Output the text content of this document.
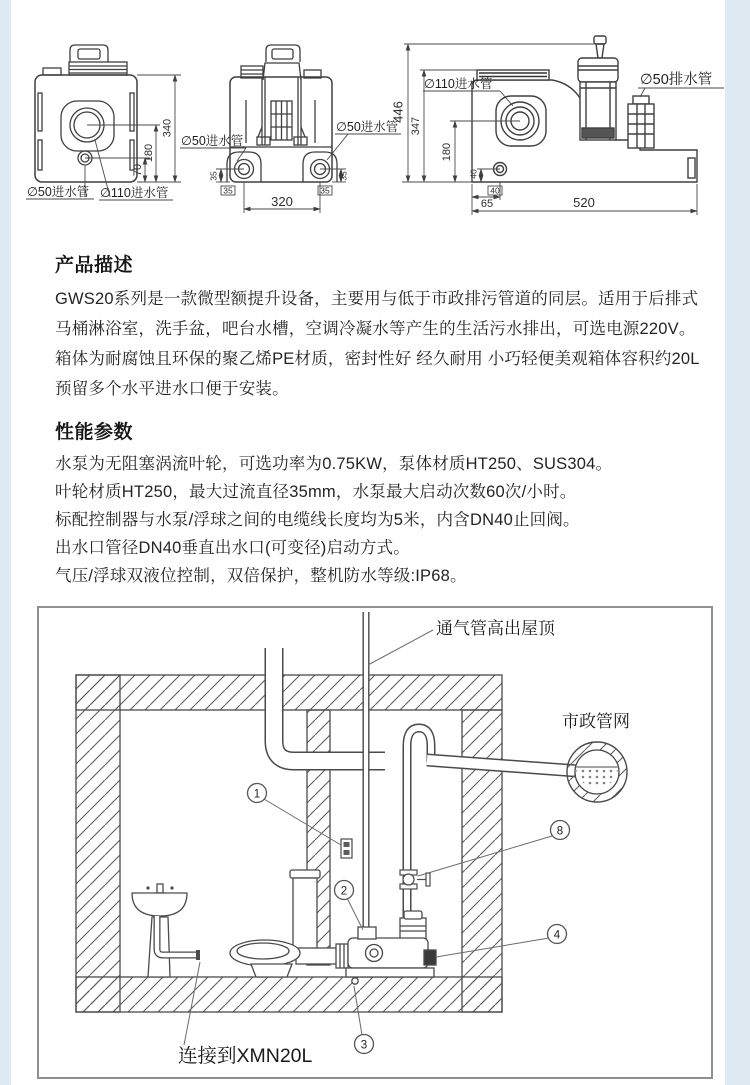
340
180
70
∅50进水管 ∅110进水管
35
35
35
35
320
∅50进水管
∅50进水管
446
347
180
40
40
65	520
∅110进水管	∅50排水管
产品描述
GWS20系列是一款微型额提升设备，主要用与低于市政排污管道的同层。适用于后排式
马桶淋浴室，洗手盆，吧台水槽，空调冷凝水等产生的生活污水排出，可选电源220V。
箱体为耐腐蚀且环保的聚乙烯PE材质，密封性好 经久耐用 小巧轻便美观箱体容积约20L
预留多个水平进水口便于安装。
性能参数
水泵为无阻塞涡流叶轮，可选功率为0.75KW，泵体材质HT250、SUS304。
叶轮材质HT250，最大过流直径35mm，水泵最大启动次数60次/小时。
标配控制器与水泵/浮球之间的电缆线长度均为5米，内含DN40止回阀。
出水口管径DN40垂直出水口(可变径)启动方式。
气压/浮球双液位控制，双倍保护，整机防水等级:IP68。
1
2
3
4
8
通气管高出屋顶
市政管网
连接到XMN20L
